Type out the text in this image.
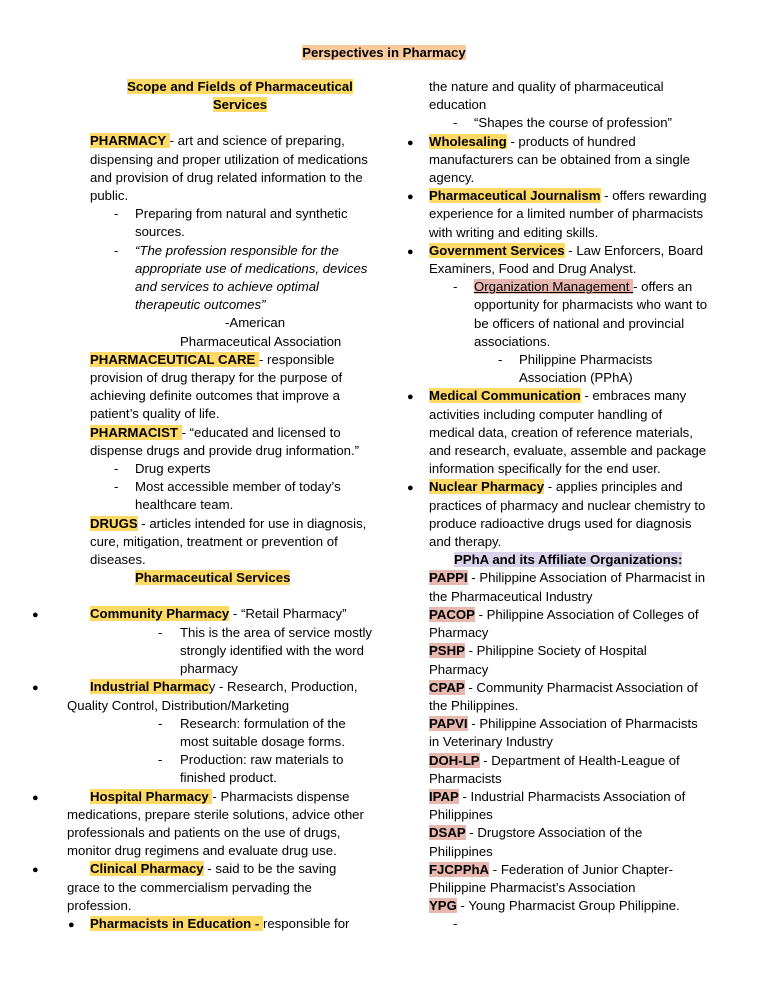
Perspectives in Pharmacy
Scope and Fields of Pharmaceutical
Services
PHARMACY - art and science of preparing,
dispensing and proper utilization of medications
and provision of drug related information to the
public.
- Preparing from natural and synthetic
sources.
- “The profession responsible for the
appropriate use of medications, devices
and services to achieve optimal
therapeutic outcomes”
-American
Pharmaceutical Association
PHARMACEUTICAL CARE - responsible
provision of drug therapy for the purpose of
achieving definite outcomes that improve a
patient’s quality of life.
PHARMACIST - “educated and licensed to
dispense drugs and provide drug information.”
- Drug experts
- Most accessible member of today’s
healthcare team.
DRUGS - articles intended for use in diagnosis,
cure, mitigation, treatment or prevention of
diseases.
Pharmaceutical Services
●	Community Pharmacy - “Retail Pharmacy”
- This is the area of service mostly
strongly identified with the word
pharmacy
●	Industrial Pharmacy - Research, Production,
Quality Control, Distribution/Marketing
- Research: formulation of the
most suitable dosage forms.
- Production: raw materials to
finished product.
●	Hospital Pharmacy - Pharmacists dispense
medications, prepare sterile solutions, advice other
professionals and patients on the use of drugs,
monitor drug regimens and evaluate drug use.
●	Clinical Pharmacy - said to be the saving
grace to the commercialism pervading the
profession.
● Pharmacists in Education - responsible for
the nature and quality of pharmaceutical
education
- “Shapes the course of profession”
● Wholesaling - products of hundred
manufacturers can be obtained from a single
agency.
● Pharmaceutical Journalism - offers rewarding
experience for a limited number of pharmacists
with writing and editing skills.
● Government Services - Law Enforcers, Board
Examiners, Food and Drug Analyst.
- Organization Management - offers an
opportunity for pharmacists who want to
be officers of national and provincial
associations.
- Philippine Pharmacists
Association (PPhA)
● Medical Communication - embraces many
activities including computer handling of
medical data, creation of reference materials,
and research, evaluate, assemble and package
information specifically for the end user.
● Nuclear Pharmacy - applies principles and
practices of pharmacy and nuclear chemistry to
produce radioactive drugs used for diagnosis
and therapy.
PPhA and its Affiliate Organizations:
PAPPI - Philippine Association of Pharmacist in
the Pharmaceutical Industry
PACOP - Philippine Association of Colleges of
Pharmacy
PSHP - Philippine Society of Hospital
Pharmacy
CPAP - Community Pharmacist Association of
the Philippines.
PAPVI - Philippine Association of Pharmacists
in Veterinary Industry
DOH-LP - Department of Health-League of
Pharmacists
IPAP - Industrial Pharmacists Association of
Philippines
DSAP - Drugstore Association of the
Philippines
FJCPPhA - Federation of Junior Chapter-
Philippine Pharmacist’s Association
YPG - Young Pharmacist Group Philippine.
-
